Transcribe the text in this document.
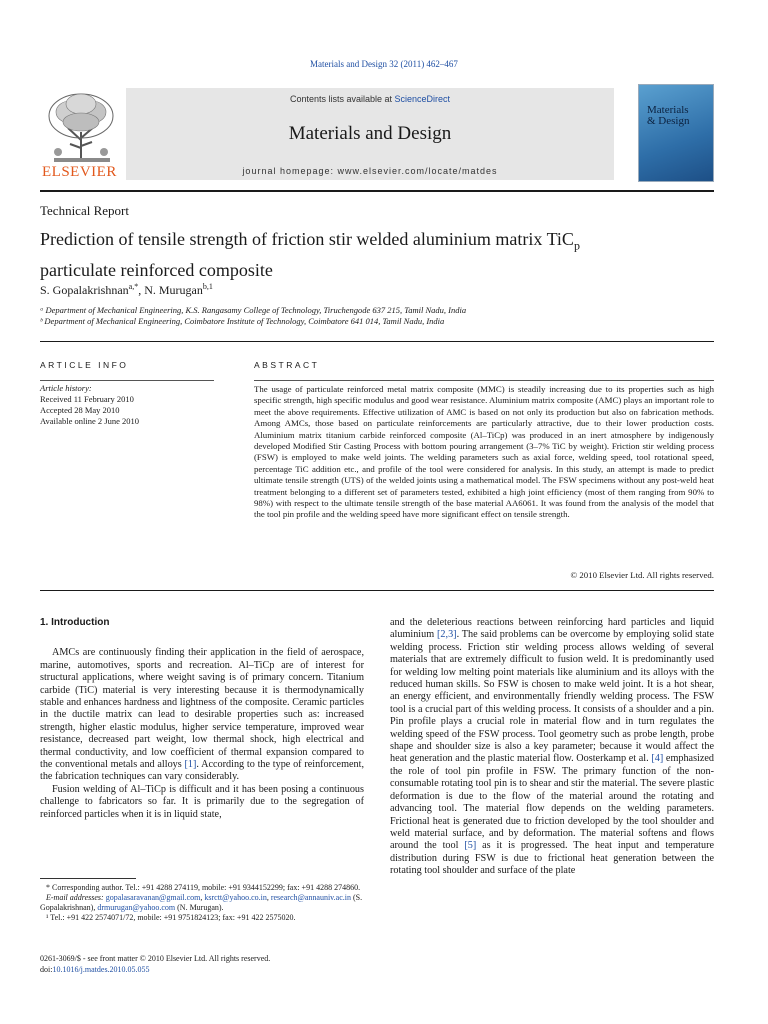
Materials and Design 32 (2011) 462–467
ELSEVIER
Contents lists available at ScienceDirect
Materials and Design
journal homepage: www.elsevier.com/locate/matdes
Materials
& Design
Technical Report
Prediction of tensile strength of friction stir welded aluminium matrix TiC$_p$
particulate reinforced composite
S. Gopalakrishnan$^{a,*}$, N. Murugan$^{b,1}$
ᵃ Department of Mechanical Engineering, K.S. Rangasamy College of Technology, Tiruchengode 637 215, Tamil Nadu, India
ᵇ Department of Mechanical Engineering, Coimbatore Institute of Technology, Coimbatore 641 014, Tamil Nadu, India
ARTICLE INFO
Article history:
Received 11 February 2010
Accepted 28 May 2010
Available online 2 June 2010
ABSTRACT
The usage of particulate reinforced metal matrix composite (MMC) is steadily increasing due to its properties such as high specific strength, high specific modulus and good wear resistance. Aluminium matrix composite (AMC) plays an important role to meet the above requirements. Effective utilization of AMC is based on not only its production but also on fabrication methods. Among AMCs, those based on particulate reinforcements are particularly attractive, due to their lower production costs. Aluminium matrix titanium carbide reinforced composite (Al–TiCp) was produced in an inert atmosphere by indigenously developed Modified Stir Casting Process with bottom pouring arrangement (3–7% TiC by weight). Friction stir welding process (FSW) is employed to make weld joints. The welding parameters such as axial force, welding speed, tool rotational speed, percentage TiC addition etc., and profile of the tool were considered for analysis. In this study, an attempt is made to predict ultimate tensile strength (UTS) of the welded joints using a mathematical model. The FSW specimens without any post-weld heat treatment belonging to a different set of parameters tested, exhibited a high joint efficiency (most of them ranging from 90% to 98%) with respect to the ultimate tensile strength of the base material AA6061. It was found from the analysis of the model that the tool pin profile and the welding speed have more significant effect on tensile strength.
© 2010 Elsevier Ltd. All rights reserved.
1. Introduction

AMCs are continuously finding their application in the field of aerospace, marine, automotives, sports and recreation. Al–TiCp are of interest for structural applications, where weight saving is of primary concern. Titanium carbide (TiC) material is very interesting because it is thermodynamically stable and enhances hardness and lightness of the composite. Ceramic particles in the ductile matrix can lead to desirable properties such as: increased strength, higher elastic modulus, higher service temperature, improved wear resistance, decreased part weight, low thermal shock, high electrical and thermal conductivity, and low coefficient of thermal expansion compared to the conventional metals and alloys [1]. According to the type of reinforcement, the fabrication techniques can vary considerably.

Fusion welding of Al–TiCp is difficult and it has been posing a continuous challenge to fabricators so far. It is primarily due to the segregation of reinforced particles when it is in liquid state,

and the deleterious reactions between reinforcing hard particles and liquid aluminium [2,3]. The said problems can be overcome by employing solid state welding process. Friction stir welding process allows welding of several materials that are extremely difficult to fusion weld. It is predominantly used for welding low melting point materials like aluminium and its alloys with the reduced human skills. So FSW is chosen to make weld joint. It is a hot shear, an energy efficient, and environmentally friendly welding process. The FSW tool is a crucial part of this welding process. It consists of a shoulder and a pin. Pin profile plays a crucial role in material flow and in turn regulates the welding speed of the FSW process. Tool geometry such as probe length, probe shape and shoulder size is also a key parameter; because it would affect the heat generation and the plastic material flow. Oosterkamp et al. [4] emphasized the role of tool pin profile in FSW. The primary function of the non-consumable rotating tool pin is to shear and stir the material. The severe plastic deformation is due to the flow of the material around the rotating and advancing tool. The material flow depends on the welding parameters. Frictional heat is generated due to friction developed by the tool shoulder and weld material surface, and by deformation. The material softens and flows around the tool [5] as it is progressed. The heat input and temperature distribution during FSW is due to frictional heat generation between the rotating tool shoulder and surface of the plate

* Corresponding author. Tel.: +91 4288 274119, mobile: +91 9344152299; fax: +91 4288 274860.

E-mail addresses: gopalasaravanan@gmail.com, ksrctt@yahoo.co.in, research@annauniv.ac.in (S. Gopalakrishnan), drmurugan@yahoo.com (N. Murugan).

¹ Tel.: +91 422 2574071/72, mobile: +91 9751824123; fax: +91 422 2575020.

0261-3069/$ - see front matter © 2010 Elsevier Ltd. All rights reserved.
doi:10.1016/j.matdes.2010.05.055
